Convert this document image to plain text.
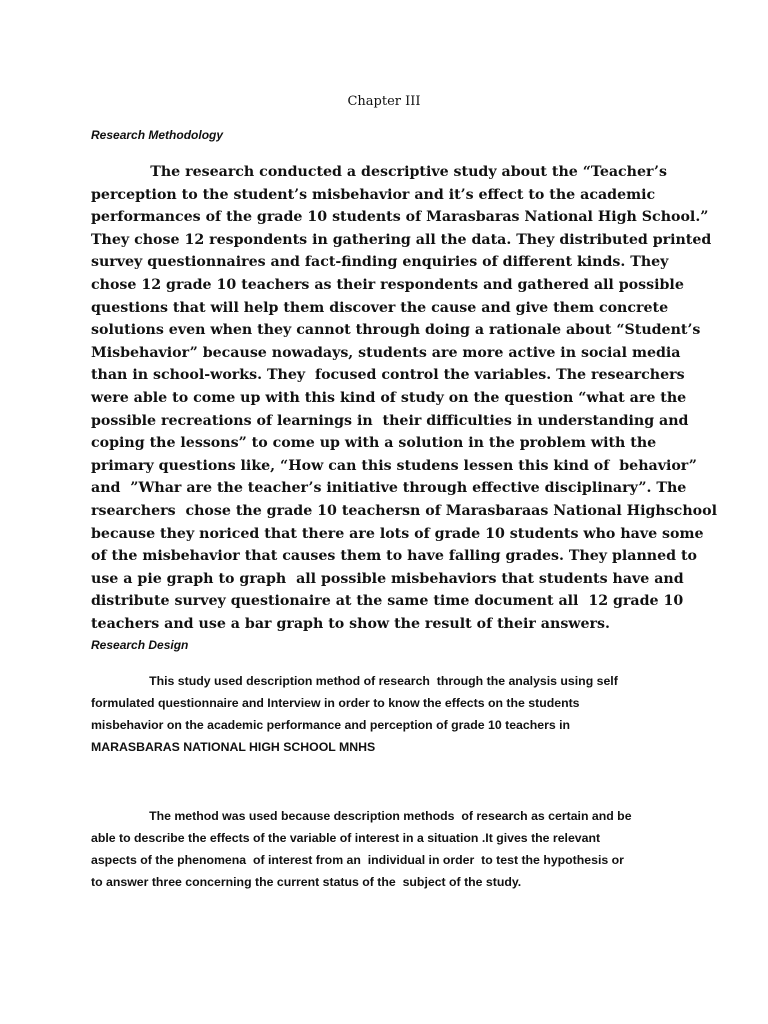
Chapter III
Research Methodology

The research conducted a descriptive study about the “Teacher’s
perception to the student’s misbehavior and it’s effect to the academic
performances of the grade 10 students of Marasbaras National High School.”
They chose 12 respondents in gathering all the data. They distributed printed
survey questionnaires and fact-finding enquiries of different kinds. They
chose 12 grade 10 teachers as their respondents and gathered all possible
questions that will help them discover the cause and give them concrete
solutions even when they cannot through doing a rationale about “Student’s
Misbehavior” because nowadays, students are more active in social media
than in school-works. They  focused control the variables. The researchers
were able to come up with this kind of study on the question “what are the
possible recreations of learnings in  their difficulties in understanding and
coping the lessons” to come up with a solution in the problem with the
primary questions like, “How can this studens lessen this kind of  behavior”
and  ”Whar are the teacher’s initiative through effective disciplinary”. The
rsearchers  chose the grade 10 teachersn of Marasbaraas National Highschool
because they noriced that there are lots of grade 10 students who have some
of the misbehavior that causes them to have falling grades. They planned to
use a pie graph to graph  all possible misbehaviors that students have and
distribute survey questionaire at the same time document all  12 grade 10
teachers and use a bar graph to show the result of their answers.

Research Design

This study used description method of research  through the analysis using self
formulated questionnaire and Interview in order to know the effects on the students
misbehavior on the academic performance and perception of grade 10 teachers in
MARASBARAS NATIONAL HIGH SCHOOL MNHS

The method was used because description methods  of research as certain and be
able to describe the effects of the variable of interest in a situation .It gives the relevant
aspects of the phenomena  of interest from an  individual in order  to test the hypothesis or
to answer three concerning the current status of the  subject of the study.
